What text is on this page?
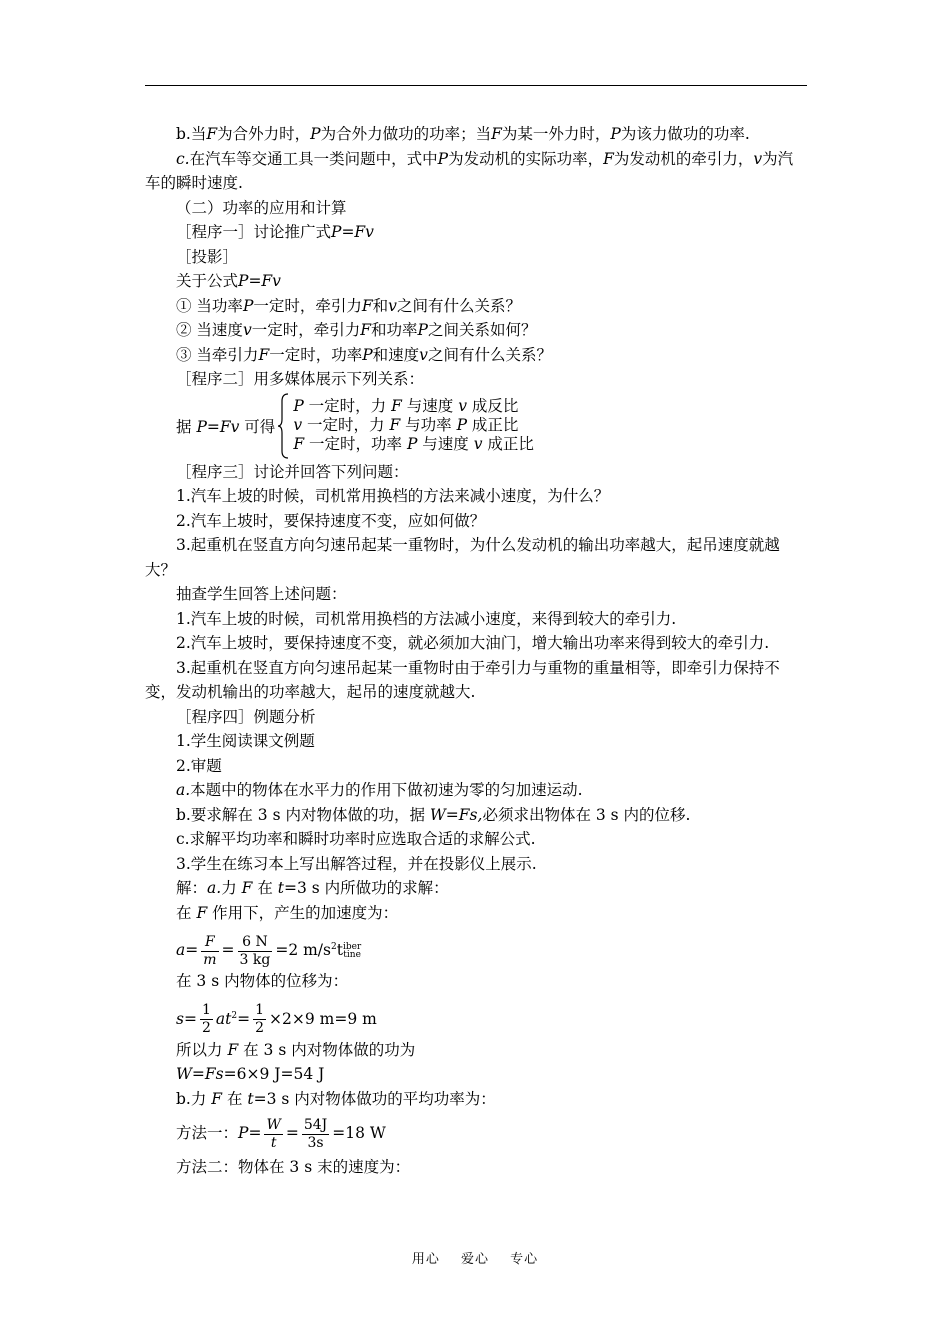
b.当F为合外力时，P为合外力做功的功率；当F为某一外力时，P为该力做功的功率.

c.在汽车等交通工具一类问题中，式中P为发动机的实际功率，F为发动机的牵引力，v为汽车的瞬时速度.

（二）功率的应用和计算

［程序一］讨论推广式P=Fv

［投影］

关于公式P=Fv

① 当功率P一定时，牵引力F和v之间有什么关系？

② 当速度v一定时，牵引力F和功率P之间关系如何？

③ 当牵引力F一定时，功率P和速度v之间有什么关系？

［程序二］用多媒体展示下列关系：

据 P=Fv 可得
P 一定时，力 F 与速度 v 成反比
v 一定时，力 F 与功率 P 成正比
F 一定时，功率 P 与速度 v 成正比

［程序三］讨论并回答下列问题：

1.汽车上坡的时候，司机常用换档的方法来减小速度，为什么？

2.汽车上坡时，要保持速度不变，应如何做？

3.起重机在竖直方向匀速吊起某一重物时，为什么发动机的输出功率越大，起吊速度就越大？

抽查学生回答上述问题：

1.汽车上坡的时候，司机常用换档的方法减小速度，来得到较大的牵引力.

2.汽车上坡时，要保持速度不变，就必须加大油门，增大输出功率来得到较大的牵引力.

3.起重机在竖直方向匀速吊起某一重物时由于牵引力与重物的重量相等，即牵引力保持不变，发动机输出的功率越大，起吊的速度就越大.

［程序四］例题分析

1.学生阅读课文例题

2.审题

a.本题中的物体在水平力的作用下做初速为零的匀加速运动.

b.要求解在 3 s 内对物体做的功，据 W=Fs,必须求出物体在 3 s 内的位移.

c.求解平均功率和瞬时功率时应选取合适的求解公式.

3.学生在练习本上写出解答过程，并在投影仪上展示.

解：a.力 F 在 t=3 s 内所做功的求解：

在 F 作用下，产生的加速度为：

$a= \frac{F}{m} = \frac{6 N}{3 kg} =2$ $m/s^2t$ iber
tine

在 3 s 内物体的位移为：

$s= \frac{1}{2} at^2= \frac{1}{2} \times 2\times 9$ m=9 m

所以力 F 在 3 s 内对物体做的功为

W=Fs=6×9 J=54 J

b.力 F 在 t=3 s 内对物体做功的平均功率为：

方法一：$P= \frac{W}{t} = \frac{54J}{3s} =18$ W

方法二：物体在 3 s 末的速度为：

用心 爱心 专心
